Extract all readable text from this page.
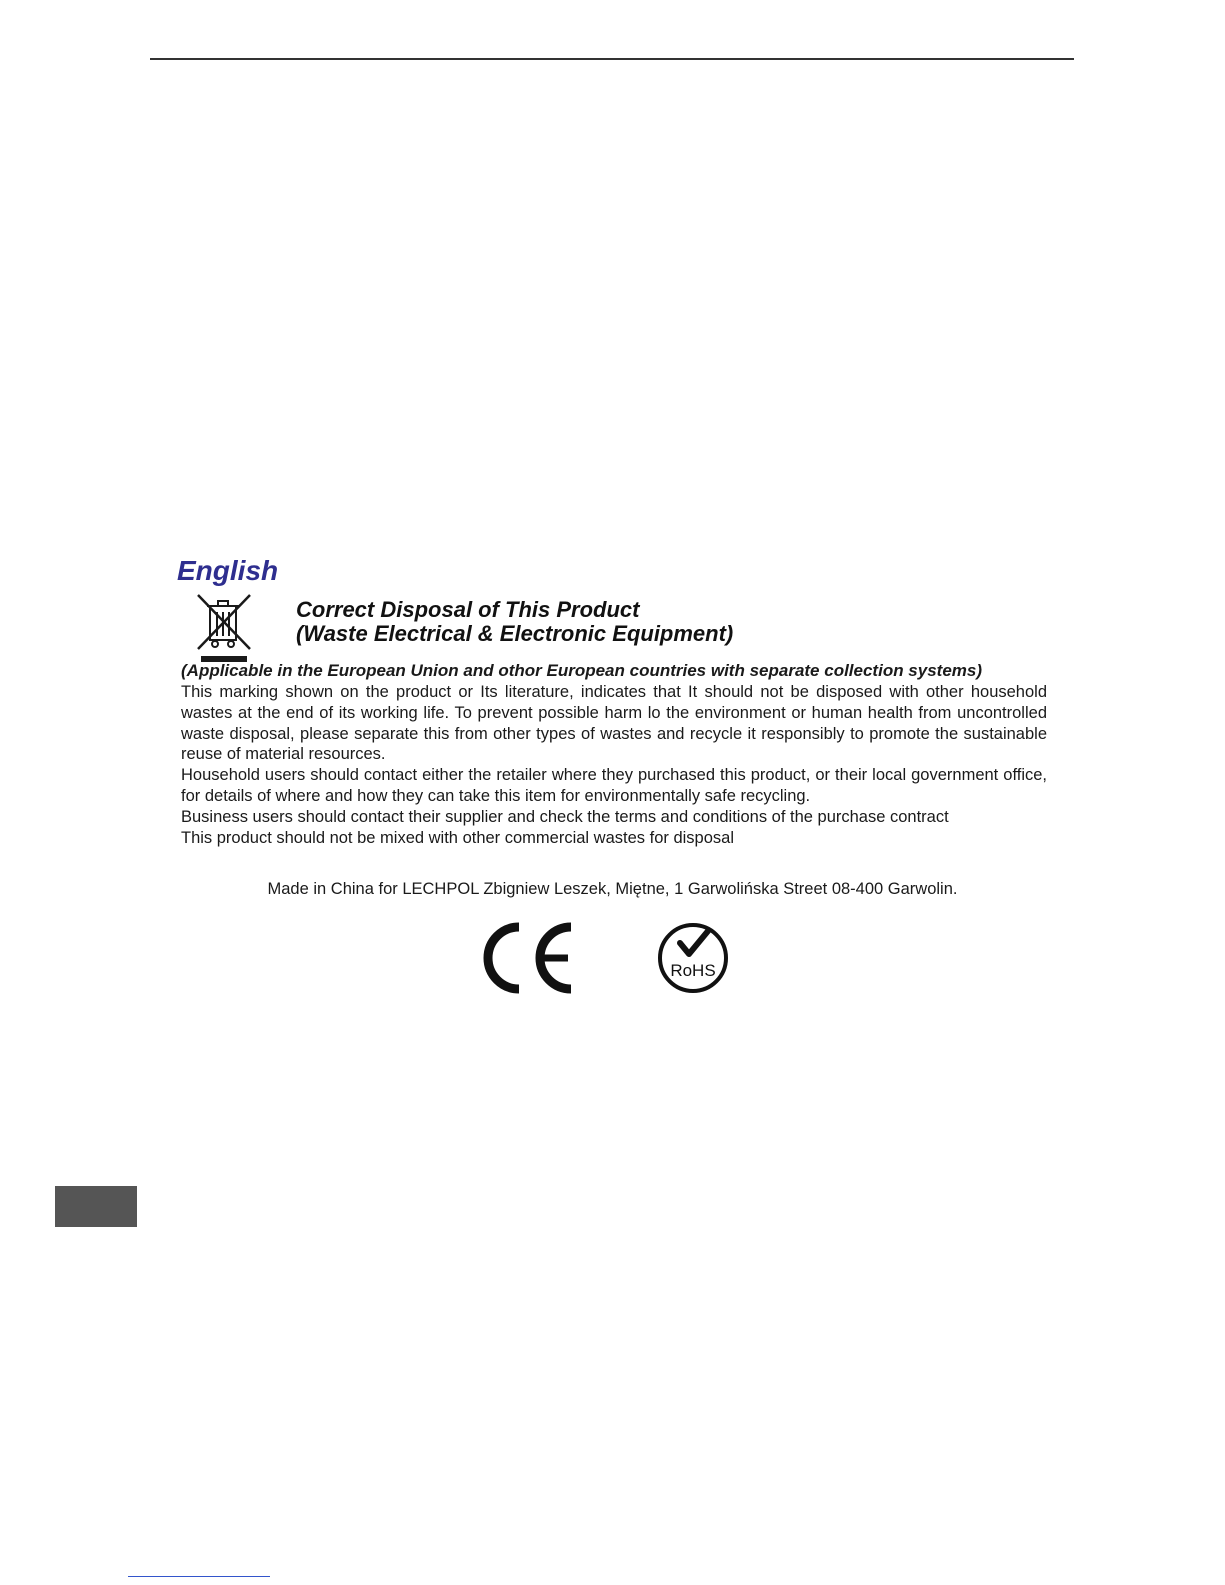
English
Correct Disposal of This Product
(Waste Electrical & Electronic Equipment)
(Applicable in the European Union and othor European countries with separate collection systems)

This marking shown on the product or Its literature, indicates that It should not be disposed with other household wastes at the end of its working life. To prevent possible harm lo the environment or human health from uncontrolled waste disposal, please separate this from other types of wastes and recycle it responsibly to promote the sustainable reuse of material resources.

Household users should contact either the retailer where they purchased this product, or their local government office, for details of where and how they can take this item for environmentally safe recycling.

Business users should contact their supplier and check the terms and conditions of the purchase contract

This product should not be mixed with other commercial wastes for disposal

Made in China for LECHPOL Zbigniew Leszek, Miętne, 1 Garwolińska Street 08-400 Garwolin.
RoHS
